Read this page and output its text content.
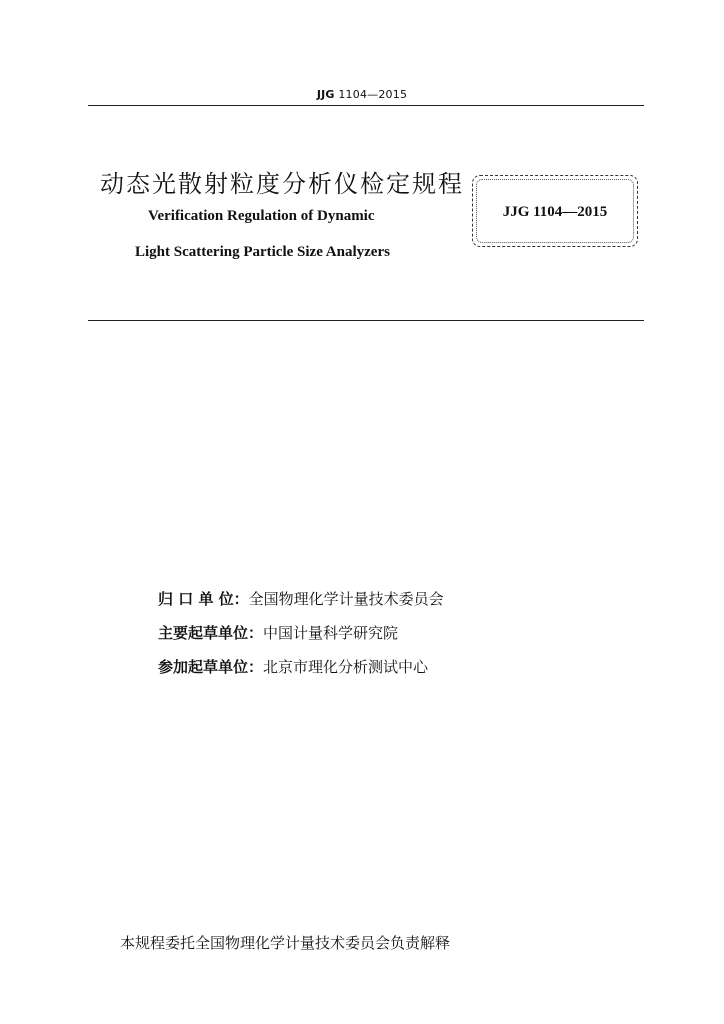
JJG 1104—2015
动态光散射粒度分析仪检定规程
Verification Regulation of Dynamic
Light Scattering Particle Size Analyzers
JJG 1104—2015
归 口 单 位：全国物理化学计量技术委员会
主要起草单位：中国计量科学研究院
参加起草单位：北京市理化分析测试中心
本规程委托全国物理化学计量技术委员会负责解释
